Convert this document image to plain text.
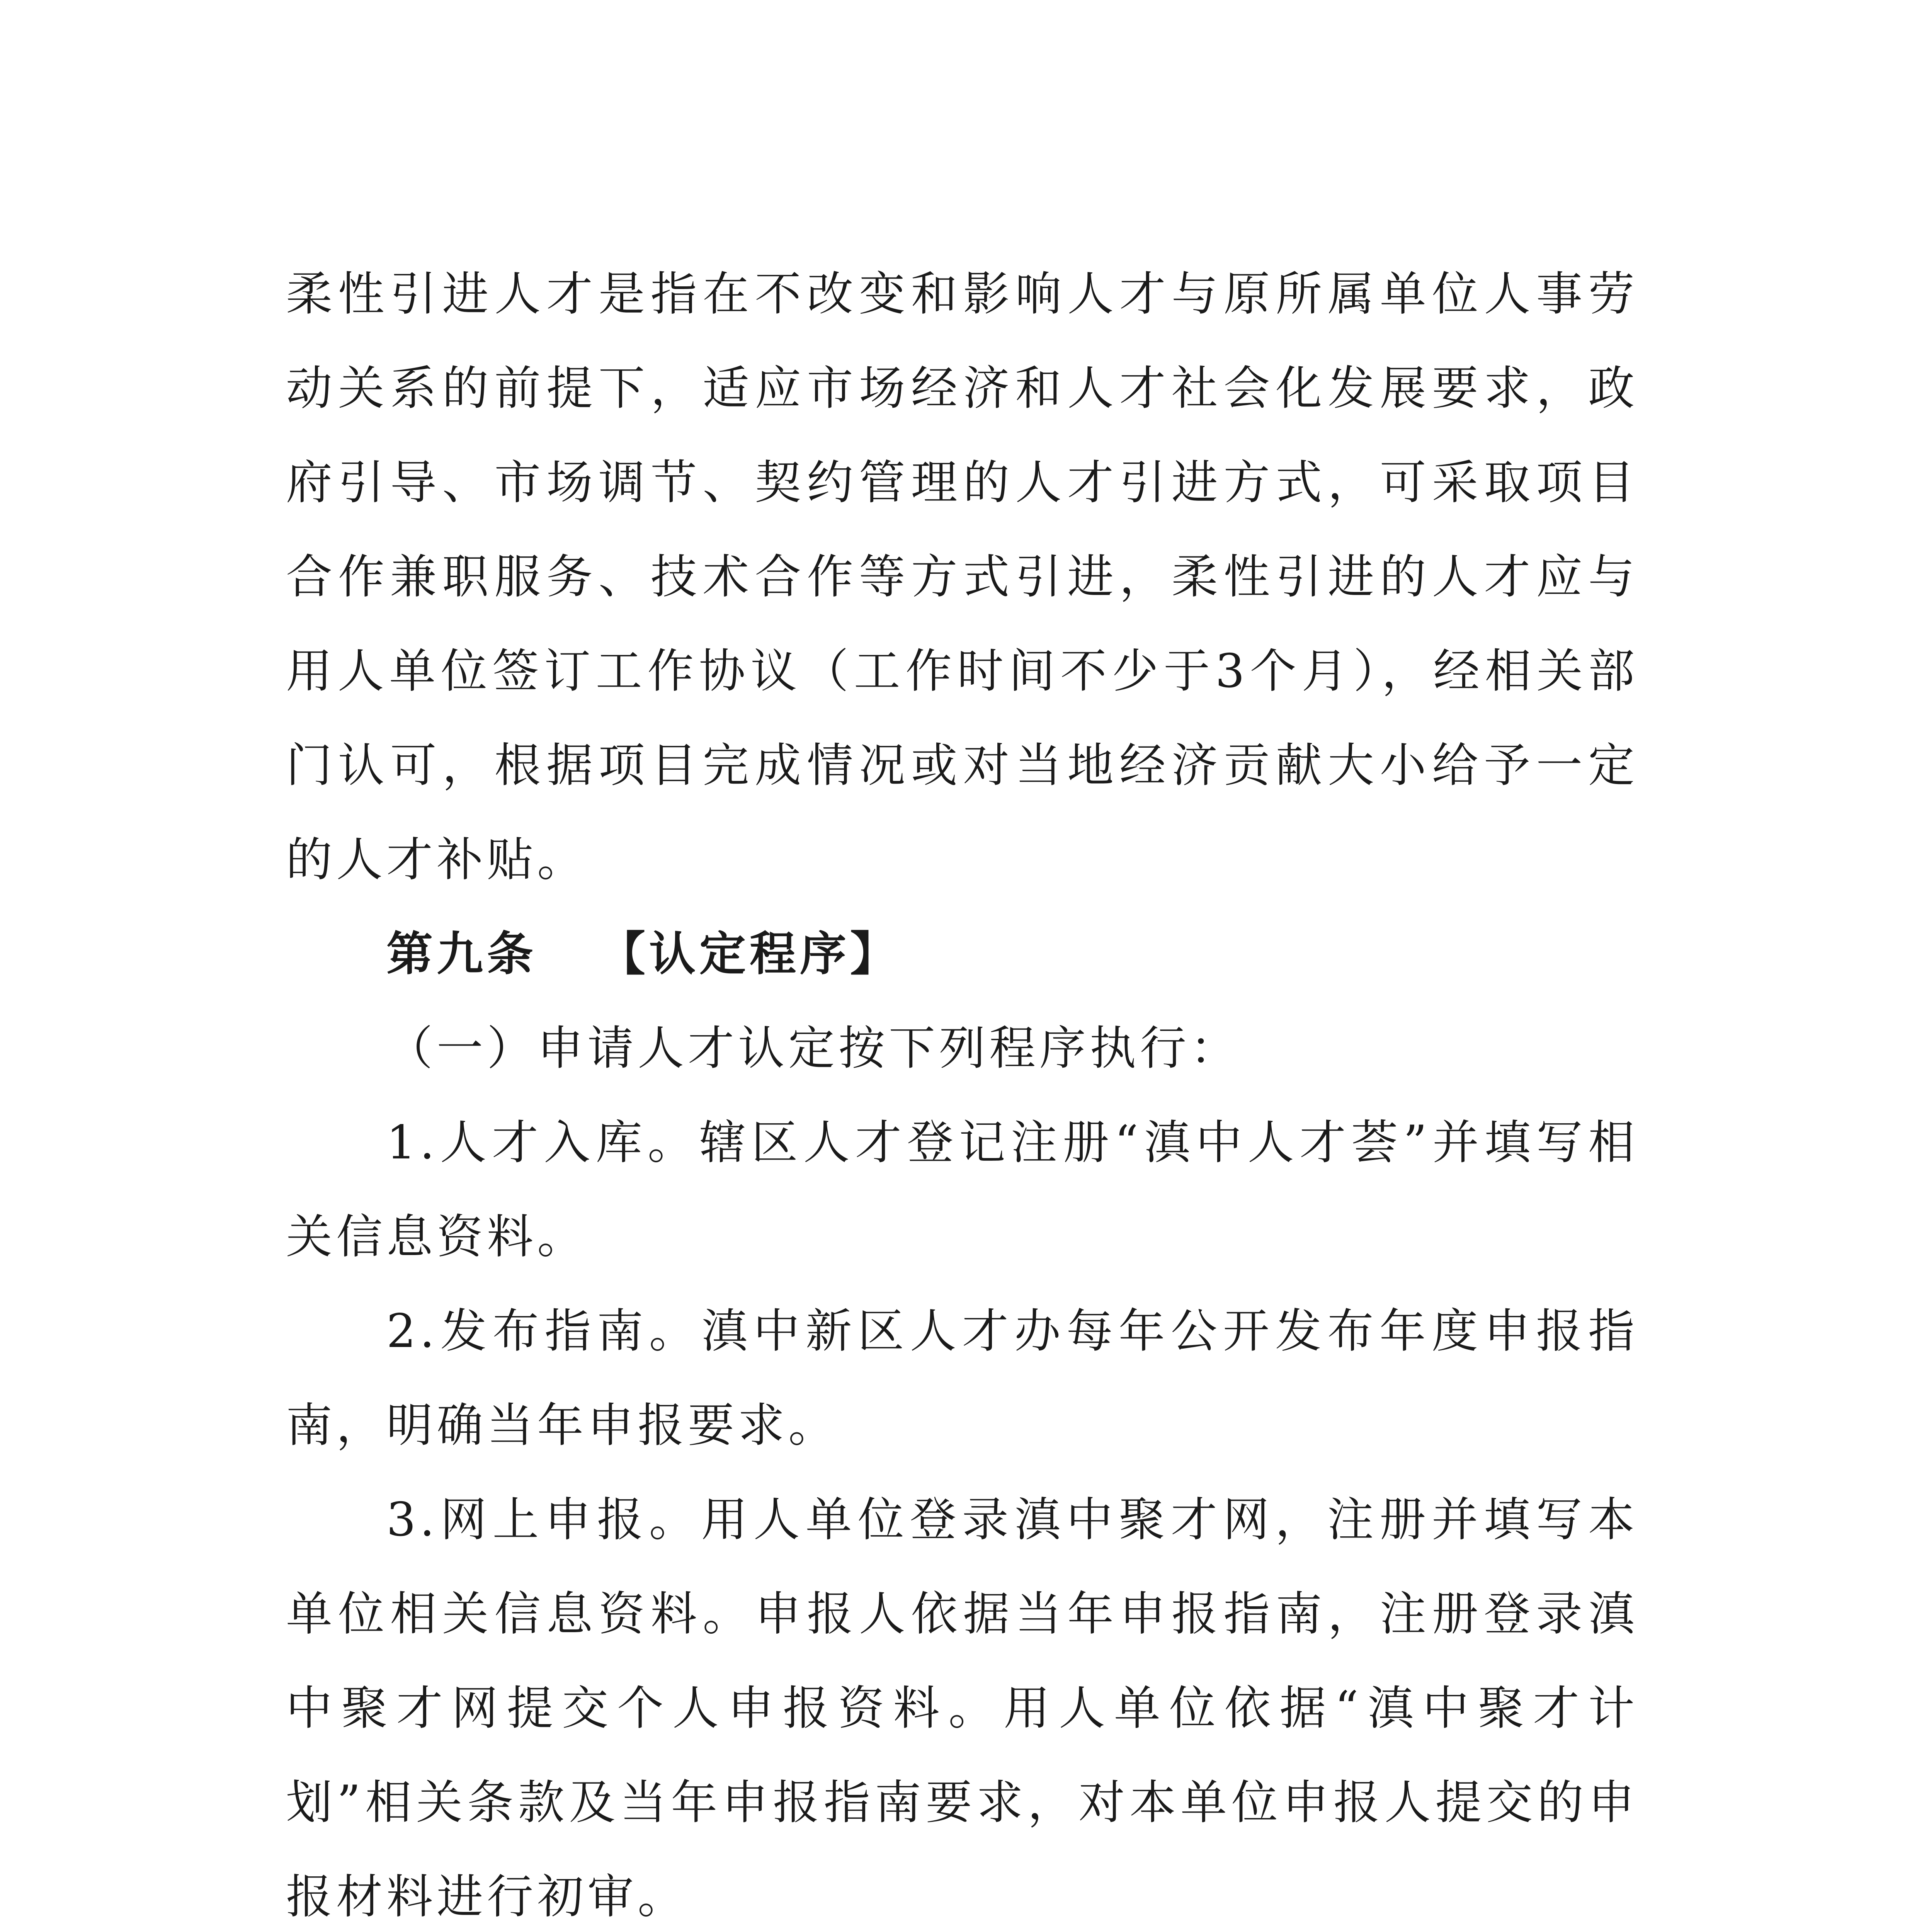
柔性引进人才是指在不改变和影响人才与原所属单位人事劳动关系的前提下，适应市场经济和人才社会化发展要求，政府引导、市场调节、契约管理的人才引进方式，可采取项目合作兼职服务、技术合作等方式引进，柔性引进的人才应与用人单位签订工作协议（工作时间不少于3个月），经相关部门认可，根据项目完成情况或对当地经济贡献大小给予一定的人才补贴。

第九条 【认定程序】

（一）申请人才认定按下列程序执行：

1.人才入库。辖区人才登记注册“滇中人才荟”并填写相关信息资料。

2.发布指南。滇中新区人才办每年公开发布年度申报指南，明确当年申报要求。

3.网上申报。用人单位登录滇中聚才网，注册并填写本单位相关信息资料。申报人依据当年申报指南，注册登录滇中聚才网提交个人申报资料。用人单位依据“滇中聚才计划”相关条款及当年申报指南要求，对本单位申报人提交的申报材料进行初审。
